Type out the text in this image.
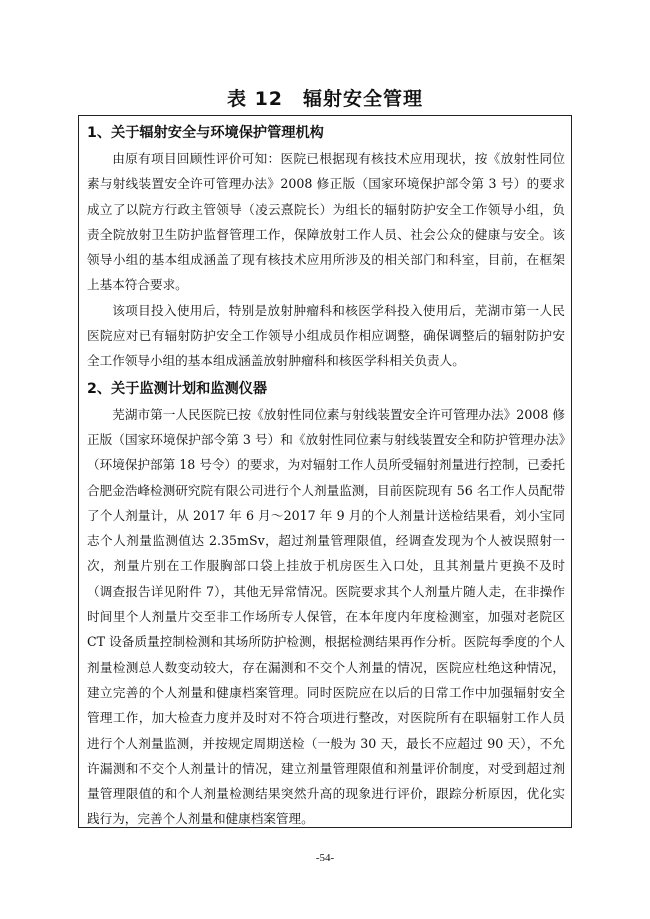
表 12　辐射安全管理
1、关于辐射安全与环境保护管理机构

由原有项目回顾性评价可知：医院已根据现有核技术应用现状，按《放射性同位素与射线装置安全许可管理办法》2008 修正版（国家环境保护部令第 3 号）的要求成立了以院方行政主管领导（凌云熹院长）为组长的辐射防护安全工作领导小组，负责全院放射卫生防护监督管理工作，保障放射工作人员、社会公众的健康与安全。该领导小组的基本组成涵盖了现有核技术应用所涉及的相关部门和科室，目前，在框架上基本符合要求。

该项目投入使用后，特别是放射肿瘤科和核医学科投入使用后，芜湖市第一人民医院应对已有辐射防护安全工作领导小组成员作相应调整，确保调整后的辐射防护安全工作领导小组的基本组成涵盖放射肿瘤科和核医学科相关负责人。

2、关于监测计划和监测仪器

芜湖市第一人民医院已按《放射性同位素与射线装置安全许可管理办法》2008 修正版（国家环境保护部令第 3 号）和《放射性同位素与射线装置安全和防护管理办法》（环境保护部第 18 号令）的要求，为对辐射工作人员所受辐射剂量进行控制，已委托合肥金浩峰检测研究院有限公司进行个人剂量监测，目前医院现有 56 名工作人员配带了个人剂量计，从 2017 年 6 月～2017 年 9 月的个人剂量计送检结果看，刘小宝同志个人剂量监测值达 2.35mSv，超过剂量管理限值，经调查发现为个人被误照射一次，剂量片别在工作服胸部口袋上挂放于机房医生入口处，且其剂量片更换不及时（调查报告详见附件 7），其他无异常情况。医院要求其个人剂量片随人走，在非操作时间里个人剂量片交至非工作场所专人保管，在本年度内年度检测室，加强对老院区 CT 设备质量控制检测和其场所防护检测，根据检测结果再作分析。医院每季度的个人剂量检测总人数变动较大，存在漏测和不交个人剂量的情况，医院应杜绝这种情况，建立完善的个人剂量和健康档案管理。同时医院应在以后的日常工作中加强辐射安全管理工作，加大检查力度并及时对不符合项进行整改，对医院所有在职辐射工作人员进行个人剂量监测，并按规定周期送检（一般为 30 天，最长不应超过 90 天），不允许漏测和不交个人剂量计的情况，建立剂量管理限值和剂量评价制度，对受到超过剂量管理限值的和个人剂量检测结果突然升高的现象进行评价，跟踪分析原因，优化实践行为，完善个人剂量和健康档案管理。

-54-
